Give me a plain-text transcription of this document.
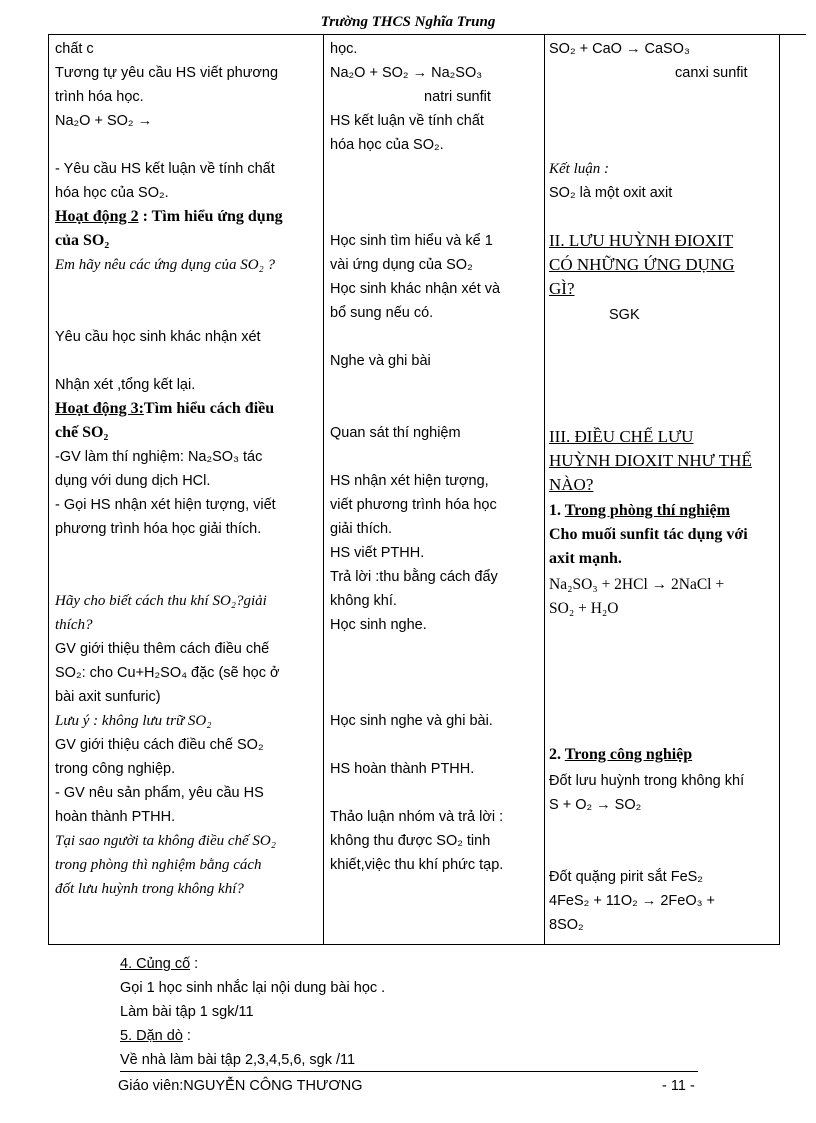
Trường THCS Nghĩa Trung
chất c
Tương tự yêu cầu HS viết phương
trình hóa học.
Na₂O + SO₂ →
- Yêu cầu HS kết luận về tính chất
hóa học của SO₂.
Hoạt động 2 : Tìm hiểu ứng dụng
của SO₂
Em hãy nêu các ứng dụng của SO₂ ?
Yêu cầu học sinh khác nhận xét
Nhận xét ,tổng kết lại.
Hoạt động 3:Tìm hiểu cách điều
chế SO₂
-GV làm thí nghiệm: Na₂SO₃ tác
dụng với dung dịch HCl.
- Gọi HS nhận xét hiện tượng, viết
phương trình hóa học giải thích.
Hãy cho biết cách thu khí SO₂?giải
thích?
GV giới thiệu thêm cách điều chế
SO₂: cho Cu+H₂SO₄ đặc (sẽ học ở
bài axit sunfuric)
Lưu ý : không lưu trữ SO₂
GV giới thiệu cách điều chế SO₂
trong công nghiệp.
- GV nêu sản phẩm, yêu cầu HS
hoàn thành PTHH.
Tại sao người ta không điều chế SO₂
trong phòng thì nghiệm bằng cách
đốt lưu huỳnh trong không khí?
học.
Na₂O + SO₂ → Na₂SO₃
natri sunfit
HS kết luận về tính chất
hóa học của SO₂.
Học sinh tìm hiểu và kể 1
vài ứng dụng của SO₂
Học sinh khác nhận xét và
bổ sung nếu có.
Nghe và ghi bài
Quan sát thí nghiệm
HS nhận xét hiện tượng,
viết phương trình hóa học
giải thích.
HS viết PTHH.
Trả lời :thu bằng cách đẩy
không khí.
Học sinh nghe.
Học sinh nghe và ghi bài.
HS hoàn thành PTHH.
Thảo luận nhóm và trả lời :
không thu được SO₂ tinh
khiết,việc thu khí phức tạp.
SO₂ + CaO → CaSO₃
canxi sunfit
Kết luận :
SO₂ là một oxit axit
II. LƯU HUỲNH ĐIOXIT
CÓ NHỮNG ỨNG DỤNG
GÌ?
SGK
III. ĐIỀU CHẾ LƯU
HUỲNH DIOXIT NHƯ THẾ
NÀO?
1. Trong phòng thí nghiệm
Cho muối sunfit tác dụng với
axit mạnh.
Na₂SO₃ + 2HCl → 2NaCl +
SO₂ + H₂O
2. Trong công nghiệp
Đốt lưu huỳnh trong không khí
S + O₂ → SO₂
Đốt quặng pirit sắt FeS₂
4FeS₂ + 11O₂ → 2FeO₃ +
8SO₂
4. Củng cố :
Gọi 1 học sinh nhắc lại nội dung bài học .
Làm bài tập 1 sgk/11
5. Dặn dò :
Về nhà làm bài tập 2,3,4,5,6, sgk /11
Giáo viên:NGUYỄN CÔNG THƯƠNG	- 11 -
